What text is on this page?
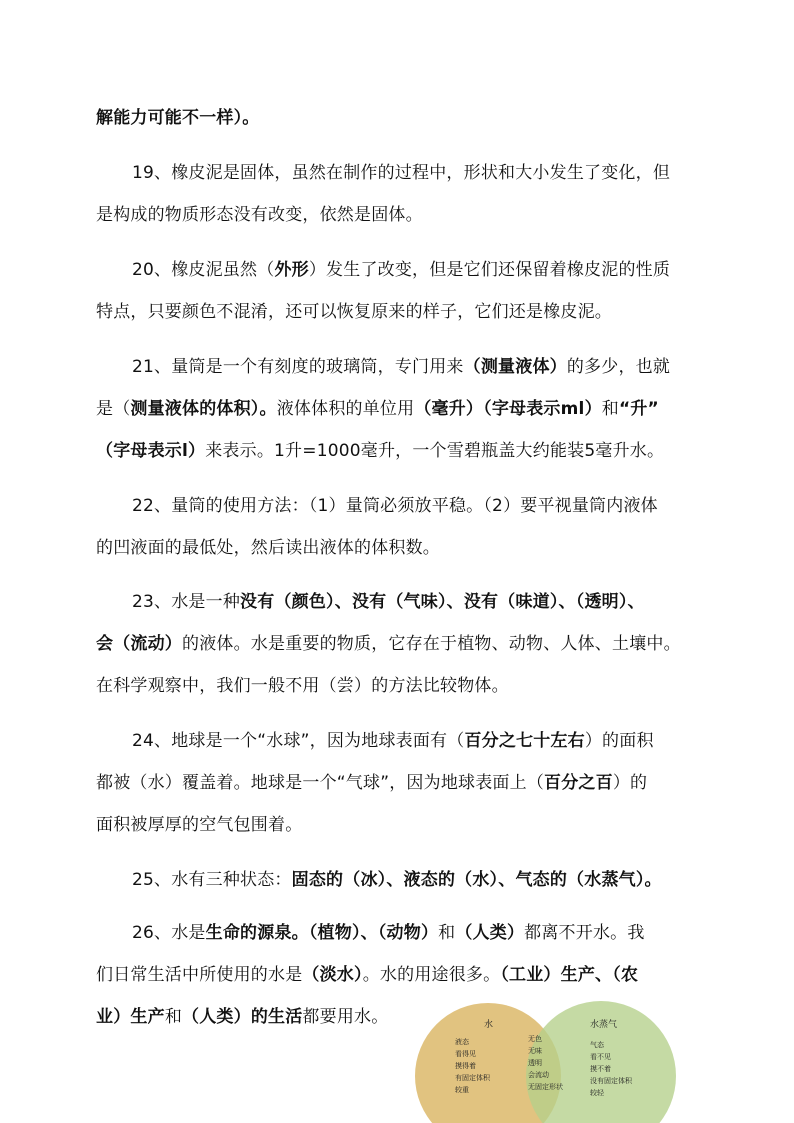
解能力可能不一样）。
19、橡皮泥是固体，虽然在制作的过程中，形状和大小发生了变化，但
是构成的物质形态没有改变，依然是固体。
20、橡皮泥虽然（外形）发生了改变，但是它们还保留着橡皮泥的性质
特点，只要颜色不混淆，还可以恢复原来的样子，它们还是橡皮泥。
21、量筒是一个有刻度的玻璃筒，专门用来（测量液体）的多少，也就
是（测量液体的体积）。液体体积的单位用（毫升）（字母表示ml）和“升”
（字母表示l）来表示。1升=1000毫升，一个雪碧瓶盖大约能装5毫升水。
22、量筒的使用方法：（1）量筒必须放平稳。（2）要平视量筒内液体
的凹液面的最低处，然后读出液体的体积数。
23、水是一种没有（颜色）、没有（气味）、没有（味道）、（透明）、
会（流动）的液体。水是重要的物质，它存在于植物、动物、人体、土壤中。
在科学观察中，我们一般不用（尝）的方法比较物体。
24、地球是一个“水球”，因为地球表面有（百分之七十左右）的面积
都被（水）覆盖着。地球是一个“气球”，因为地球表面上（百分之百）的
面积被厚厚的空气包围着。
25、水有三种状态：固态的（冰）、液态的（水）、气态的（水蒸气）。
26、水是生命的源泉。（植物）、（动物）和（人类）都离不开水。我
们日常生活中所使用的水是（淡水）。水的用途很多。（工业）生产、（农
业）生产和（人类）的生活都要用水。	水	水蒸气
液态
看得见
摸得着
有固定体积
较重
无色
无味
透明
会流动
无固定形状
气态
看不见
摸不着
没有固定体积
较轻
